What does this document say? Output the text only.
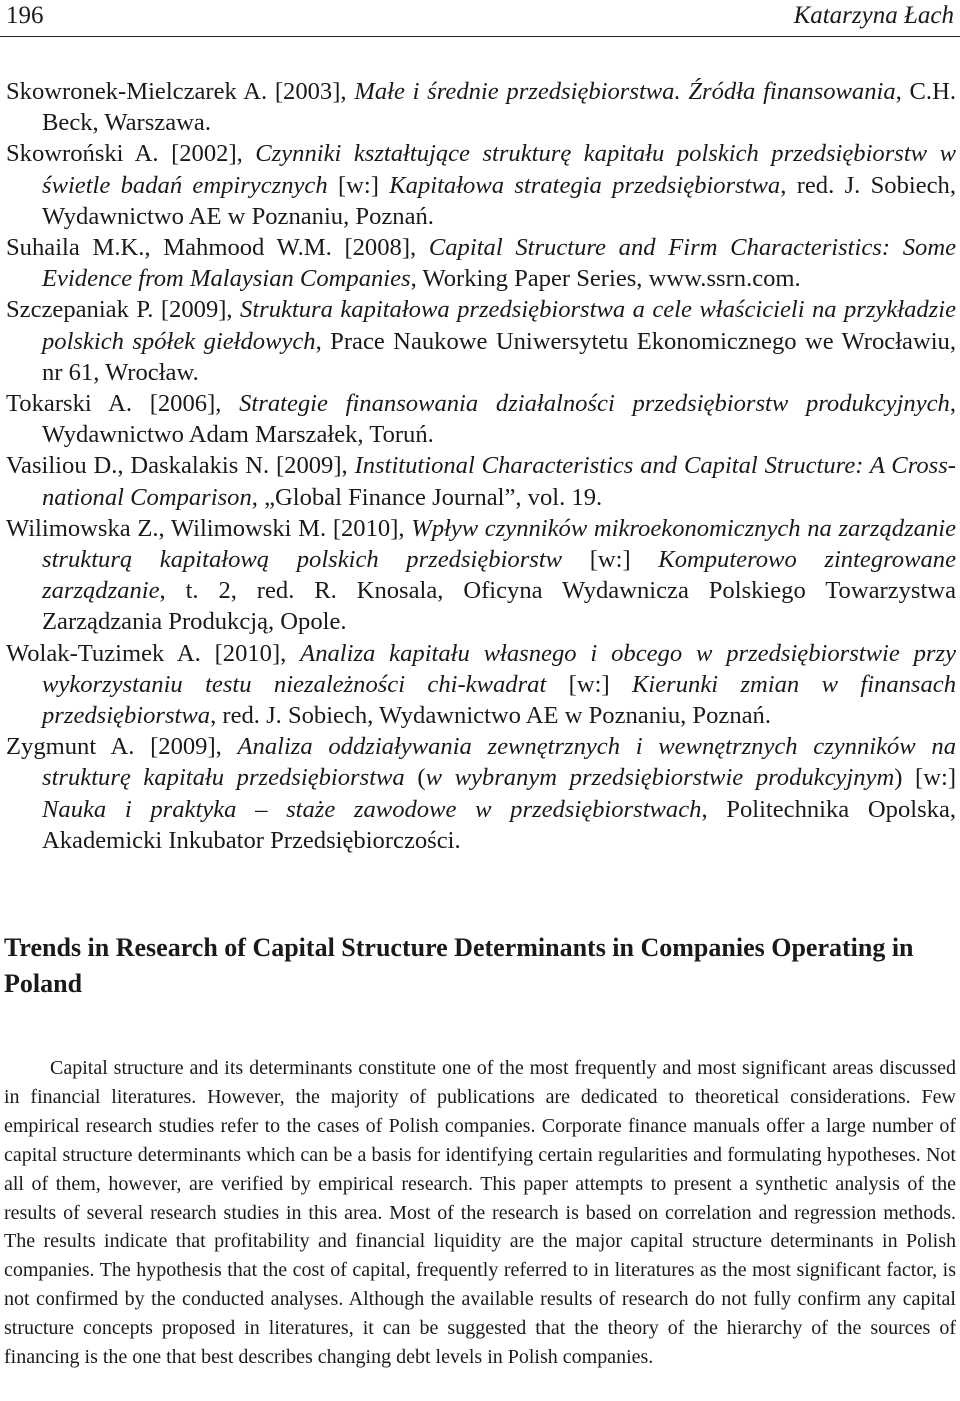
196	Katarzyna Łach

Skowronek-Mielczarek A. [2003], Małe i średnie przedsiębiorstwa. Źródła finansowania, C.H. Beck, Warszawa.

Skowroński A. [2002], Czynniki kształtujące strukturę kapitału polskich przedsiębiorstw w świetle badań empirycznych [w:] Kapitałowa strategia przedsiębiorstwa, red. J. Sobiech, Wydawnictwo AE w Poznaniu, Poznań.

Suhaila M.K., Mahmood W.M. [2008], Capital Structure and Firm Characteristics: Some Evidence from Malaysian Companies, Working Paper Series, www.ssrn.com.

Szczepaniak P. [2009], Struktura kapitałowa przedsiębiorstwa a cele właścicieli na przykładzie polskich spółek giełdowych, Prace Naukowe Uniwersytetu Ekonomicznego we Wrocławiu, nr 61, Wrocław.

Tokarski A. [2006], Strategie finansowania działalności przedsiębiorstw produkcyjnych, Wydawnictwo Adam Marszałek, Toruń.

Vasiliou D., Daskalakis N. [2009], Institutional Characteristics and Capital Structure: A Cross-national Comparison, „Global Finance Journal”, vol. 19.

Wilimowska Z., Wilimowski M. [2010], Wpływ czynników mikroekonomicznych na zarządzanie strukturą kapitałową polskich przedsiębiorstw [w:] Komputerowo zintegrowane zarządzanie, t. 2, red. R. Knosala, Oficyna Wydawnicza Polskiego Towarzystwa Zarządzania Produkcją, Opole.

Wolak-Tuzimek A. [2010], Analiza kapitału własnego i obcego w przedsiębiorstwie przy wykorzystaniu testu niezależności chi-kwadrat [w:] Kierunki zmian w finansach przedsiębiorstwa, red. J. Sobiech, Wydawnictwo AE w Poznaniu, Poznań.

Zygmunt A. [2009], Analiza oddziaływania zewnętrznych i wewnętrznych czynników na strukturę kapitału przedsiębiorstwa (w wybranym przedsiębiorstwie produkcyjnym) [w:] Nauka i praktyka – staże zawodowe w przedsiębiorstwach, Politechnika Opolska, Akademicki Inkubator Przedsiębiorczości.

Trends in Research of Capital Structure Determinants in Companies Operating in Poland

Capital structure and its determinants constitute one of the most frequently and most significant areas discussed in financial literatures. However, the majority of publications are dedicated to theoretical considerations. Few empirical research studies refer to the cases of Polish companies. Corporate finance manuals offer a large number of capital structure determinants which can be a basis for identifying certain regularities and formulating hypotheses. Not all of them, however, are verified by empirical research. This paper attempts to present a synthetic analysis of the results of several research studies in this area. Most of the research is based on correlation and regression methods. The results indicate that profitability and financial liquidity are the major capital structure determinants in Polish companies. The hypothesis that the cost of capital, frequently referred to in literatures as the most significant factor, is not confirmed by the conducted analyses. Although the available results of research do not fully confirm any capital structure concepts proposed in literatures, it can be suggested that the theory of the hierarchy of the sources of financing is the one that best describes changing debt levels in Polish companies.
